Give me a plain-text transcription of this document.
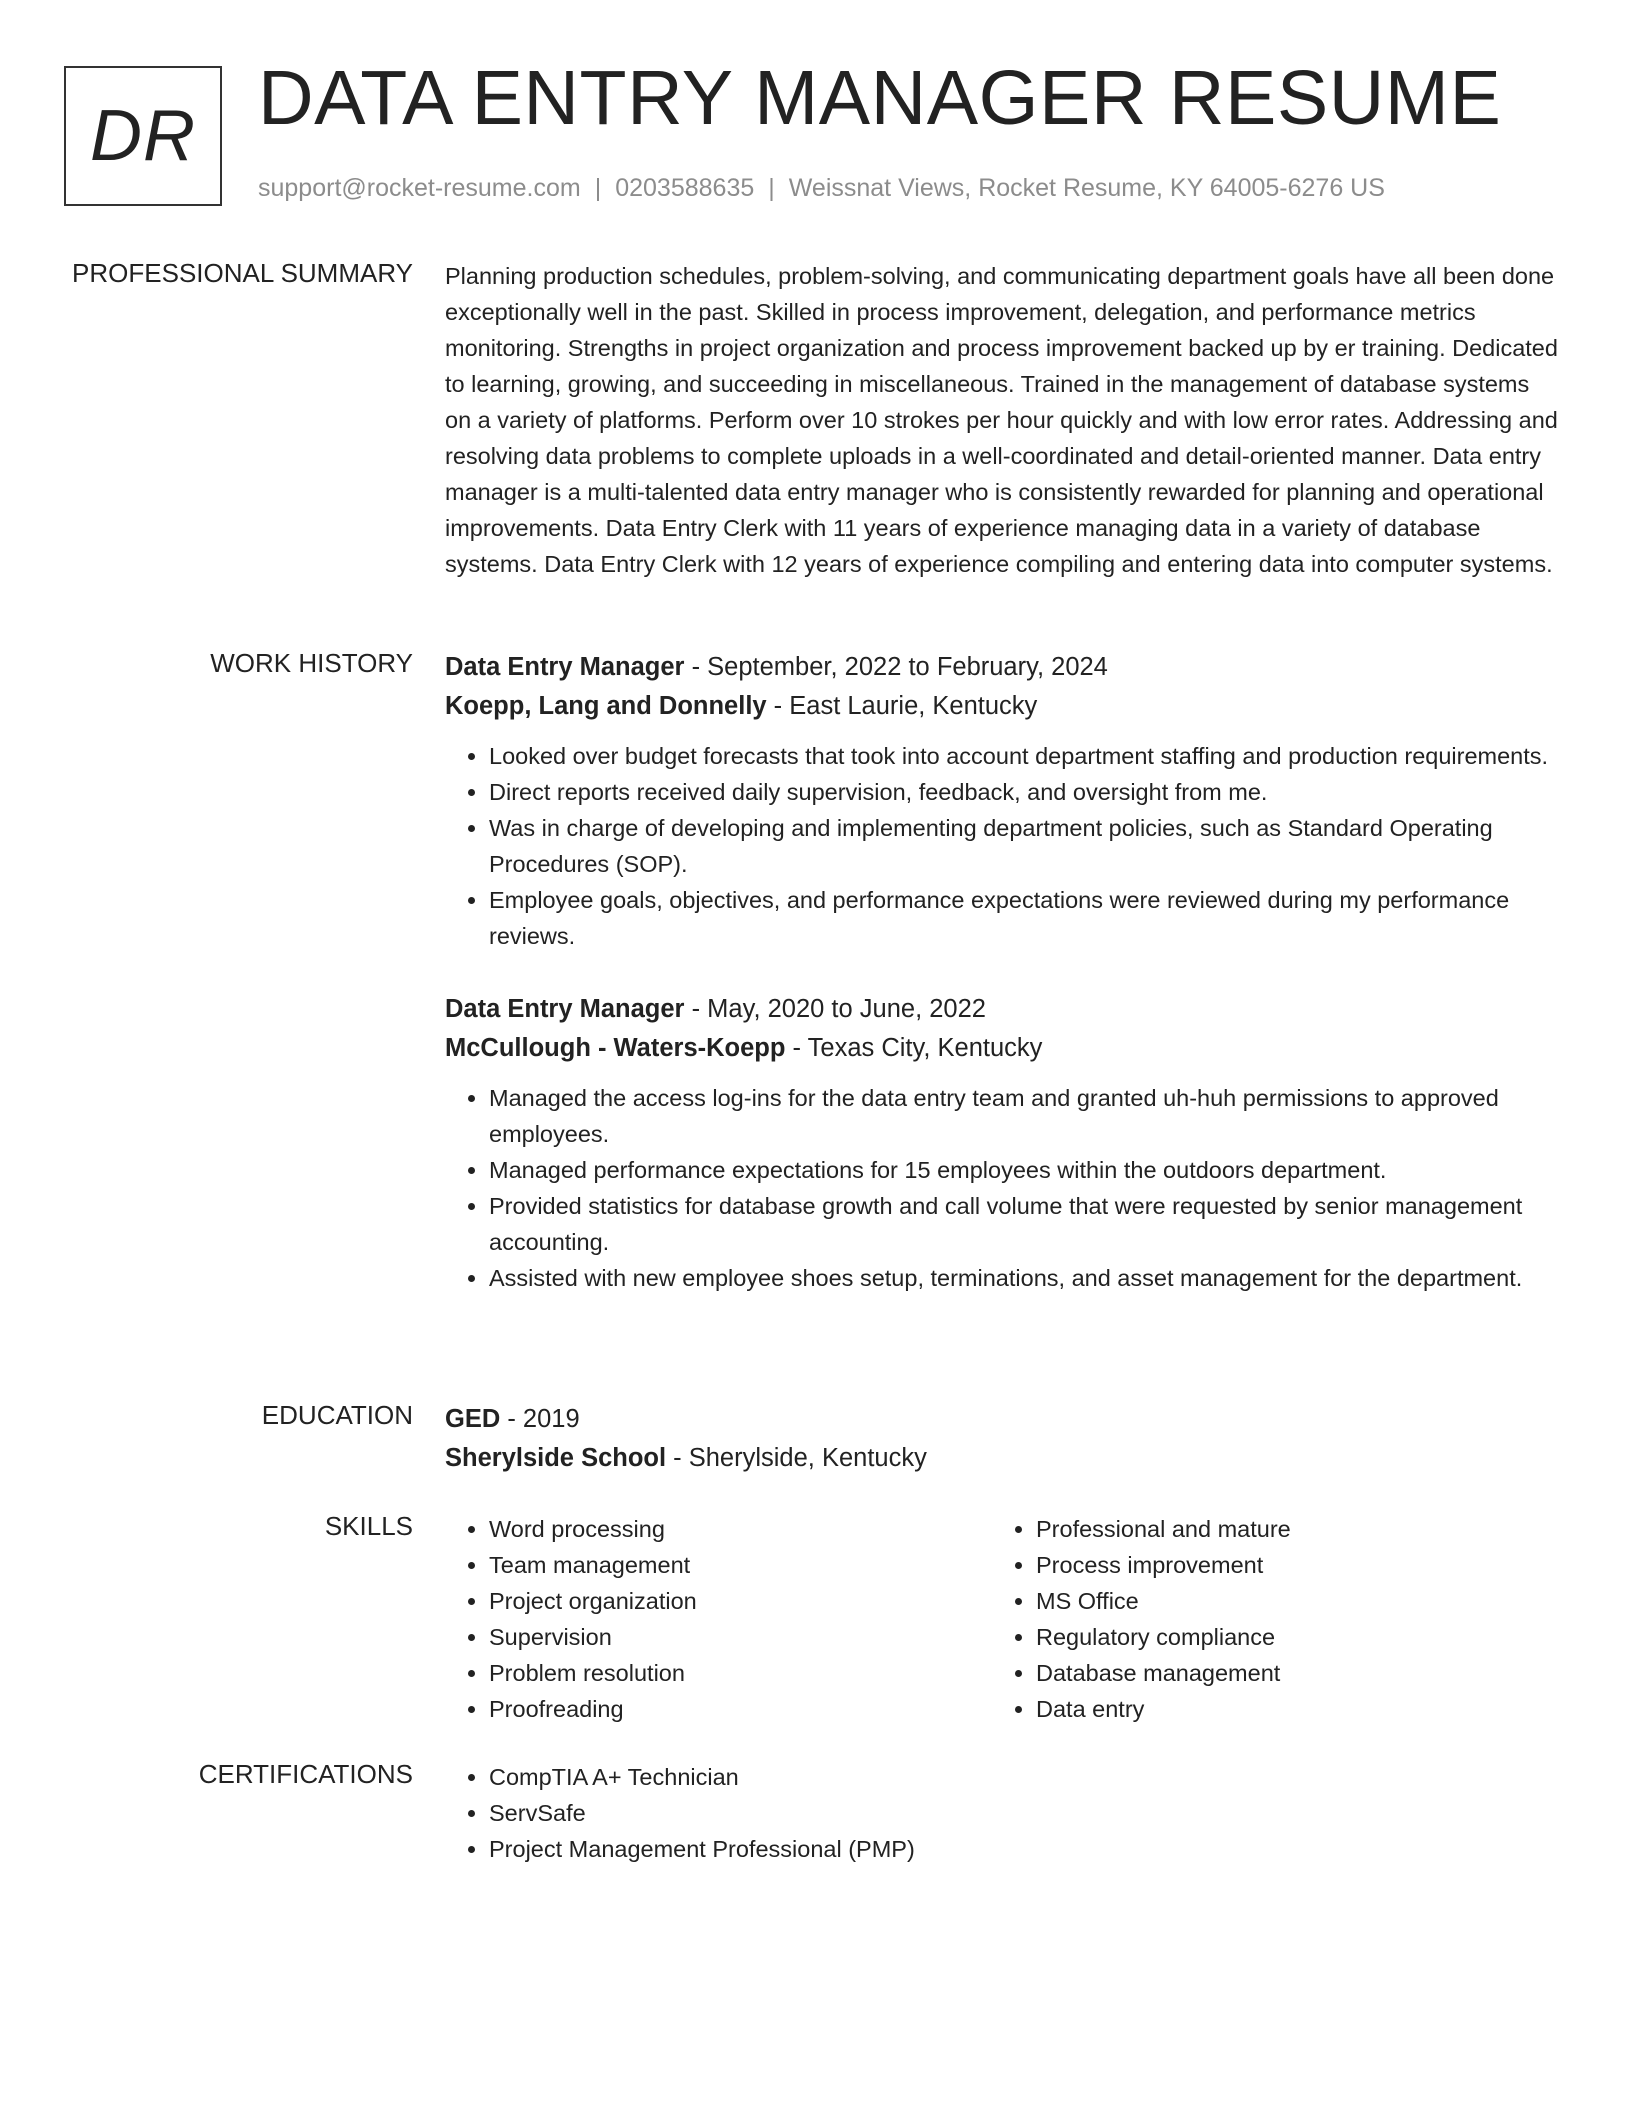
DR DATA ENTRY MANAGER RESUME
support@rocket-resume.com | 0203588635 | Weissnat Views, Rocket Resume, KY 64005-6276 US
PROFESSIONAL SUMMARY Planning production schedules, problem-solving, and communicating department goals have all been done exceptionally well in the past. Skilled in process improvement, delegation, and performance metrics monitoring. Strengths in project organization and process improvement backed up by er training. Dedicated to learning, growing, and succeeding in miscellaneous. Trained in the management of database systems on a variety of platforms. Perform over 10 strokes per hour quickly and with low error rates. Addressing and resolving data problems to complete uploads in a well-coordinated and detail-oriented manner. Data entry manager is a multi-talented data entry manager who is consistently rewarded for planning and operational improvements. Data Entry Clerk with 11 years of experience managing data in a variety of database systems. Data Entry Clerk with 12 years of experience compiling and entering data into computer systems.

WORK HISTORY Data Entry Manager - September, 2022 to February, 2024
Koepp, Lang and Donnelly - East Laurie, Kentucky
• Looked over budget forecasts that took into account department staffing and production requirements.
• Direct reports received daily supervision, feedback, and oversight from me.
• Was in charge of developing and implementing department policies, such as Standard Operating Procedures (SOP).
• Employee goals, objectives, and performance expectations were reviewed during my performance reviews.
Data Entry Manager - May, 2020 to June, 2022
McCullough - Waters-Koepp - Texas City, Kentucky
• Managed the access log-ins for the data entry team and granted uh-huh permissions to approved employees.
• Managed performance expectations for 15 employees within the outdoors department.
• Provided statistics for database growth and call volume that were requested by senior management accounting.
• Assisted with new employee shoes setup, terminations, and asset management for the department.
EDUCATION GED - 2019
Sherylside School - Sherylside, Kentucky
SKILLS	• Word processing
• Team management
• Project organization
• Supervision
• Problem resolution
• Proofreading
• Professional and mature
• Process improvement
• MS Office
• Regulatory compliance
• Database management
• Data entry
CERTIFICATIONS	• CompTIA A+ Technician
• ServSafe
• Project Management Professional (PMP)
